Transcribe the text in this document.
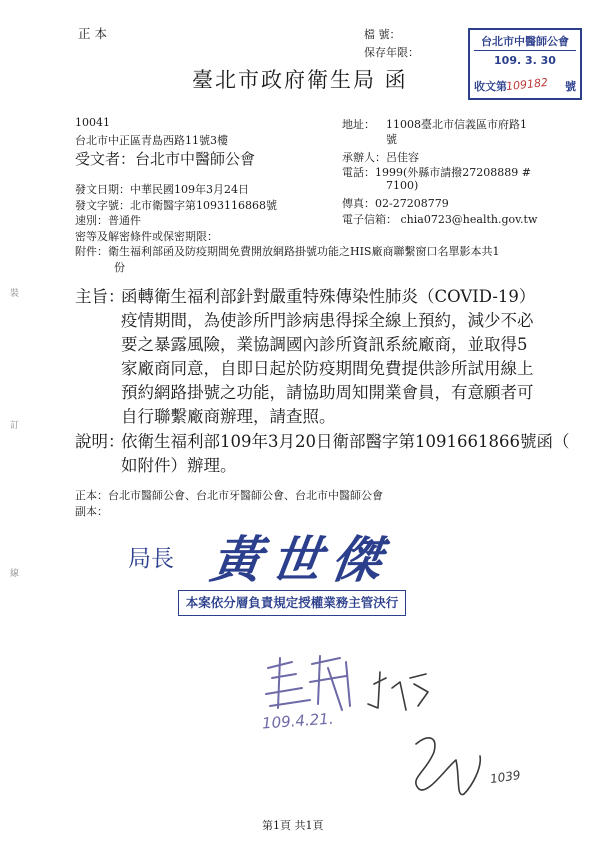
正 本	檔 號：
保存年限：
台北市中醫師公會
109. 3. 30
收文第	號
109182
臺北市政府衛生局 函
10041
台北市中正區青島西路11號3樓
受文者：台北市中醫師公會
地址： 11008臺北市信義區市府路1
號
承辦人：呂佳容
電話：1999(外縣市請撥27208889 #
7100)
傳真：02-27208779
電子信箱： chia0723@health.gov.tw
發文日期：中華民國109年3月24日
發文字號：北市衛醫字第1093116868號
速別：普通件
密等及解密條件或保密期限：
附件：衛生福利部函及防疫期間免費開放網路掛號功能之HIS廠商聯繫窗口名單影本共1
份
裝
訂
線
主旨：
函轉衛生福利部針對嚴重特殊傳染性肺炎（COVID-19）
疫情期間，為使診所門診病患得採全線上預約，減少不必
要之暴露風險，業協調國內診所資訊系統廠商，並取得5
家廠商同意，自即日起於防疫期間免費提供診所試用線上
預約網路掛號之功能，請協助周知開業會員，有意願者可
自行聯繫廠商辦理，請查照。
說明：
依衛生福利部109年3月20日衛部醫字第1091661866號函（
如附件）辦理。
正本：台北市醫師公會、台北市牙醫師公會、台北市中醫師公會
副本：
局長 黃世傑
本案依分層負責規定授權業務主管決行
109.4.21.
1039
第1頁 共1頁
